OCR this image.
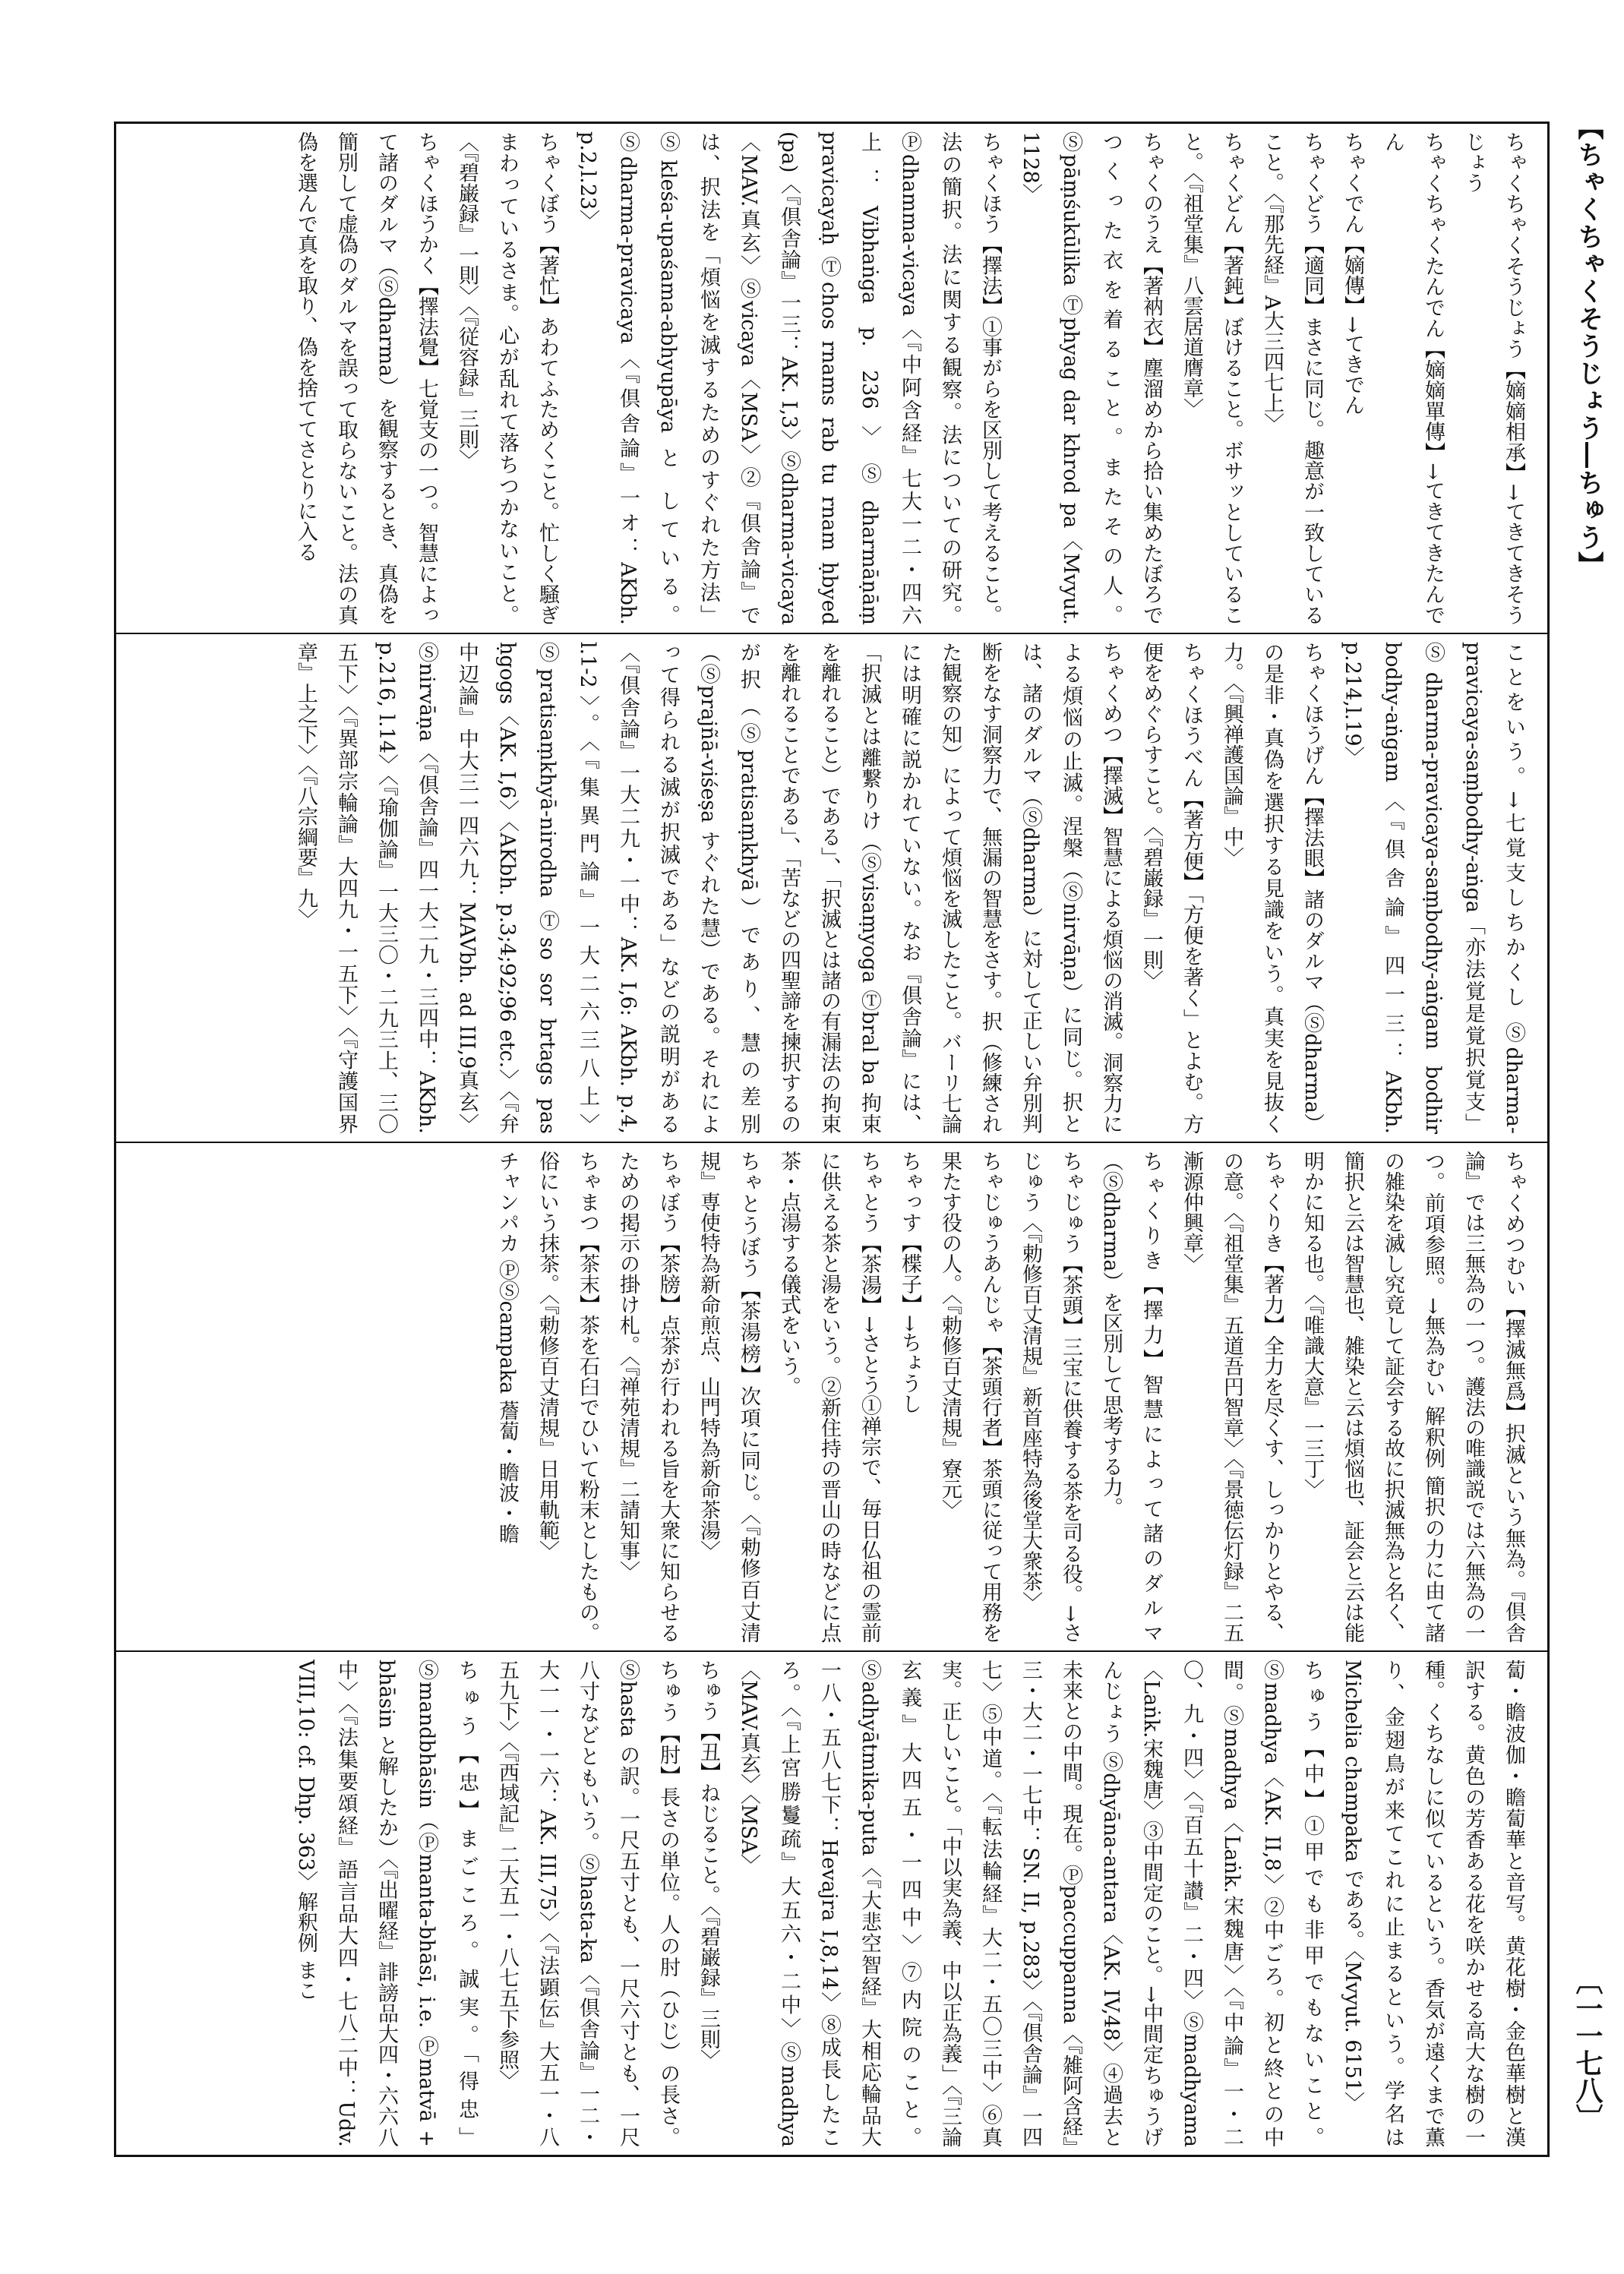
【ちゃくちゃくそうじょう―ちゅう】
〔一一七八〕

ちゃくちゃくそうじょう【嫡嫡相承】→てきてきそうじょう

ちゃくちゃくたんでん【嫡嫡單傳】→てきてきたんでん

ちゃくでん【嫡傳】→てきでん

ちゃくどう【適同】まさに同じ。趣意が一致していること。〈『那先経』A大三四七上〉

ちゃくどん【著鈍】ぼけること。ボサッとしていること。〈『祖堂集』八雲居道膺章〉

ちゃくのうえ【著衲衣】塵溜めから拾い集めたぼろでつくった衣を着ること。またその人。Ⓢpāṃśukūlika Ⓣphyag dar khrod pa〈Mvyut. 1128〉

ちゃくほう【擇法】①事がらを区別して考えること。法の簡択。法に関する観察。法についての研究。Ⓟdhamma-vicaya〈『中阿含経』七大一二・四六上：Vibhaṅga p. 236〉Ⓢdharmāṇāṃ pravicayaḥ Ⓣchos rnams rab tu rnam ḥbyed (pa)〈『倶舎論』一三：AK. I,3〉Ⓢdharma-vicaya〈MAV.真玄〉Ⓢvicaya〈MSA〉②『倶舎論』では、択法を「煩悩を滅するためのすぐれた方法」Ⓢkleśa-upaśama-abhyupāya と している。Ⓢdharma-pravicaya〈『倶舎論』一オ：AKbh. p.2,l.23〉

ちゃくぼう【著忙】あわてふためくこと。忙しく騒ぎまわっているさま。心が乱れて落ちつかないこと。〈『碧巌録』一則〉〈『従容録』三則〉

ちゃくほうかく【擇法覺】七覚支の一つ。智慧によって諸のダルマ（Ⓢdharma）を観察するとき、真偽を簡別して虚偽のダルマを誤って取らないこと。法の真偽を選んで真を取り、偽を捨ててさとりに入る

ことをいう。→七覚支しちかくし Ⓢdharma-pravicaya-saṃbodhy-aṅga「亦法覚是覚択覚支」Ⓢdharma-pravicaya-saṃbodhy-aṅgam bodhir bodhy-aṅgam〈『倶舎論』四一三：AKbh. p.214,l.19〉

ちゃくほうげん【擇法眼】諸のダルマ（Ⓢdharma）の是非・真偽を選択する見識をいう。真実を見抜く力。〈『興禅護国論』中〉

ちゃくほうべん【著方便】「方便を著く」とよむ。方便をめぐらすこと。〈『碧巌録』一則〉

ちゃくめつ【擇滅】智慧による煩悩の消滅。洞察力による煩悩の止滅。涅槃（Ⓢnirvāṇa）に同じ。択とは、諸のダルマ（Ⓢdharma）に対して正しい弁別判断をなす洞察力で、無漏の智慧をさす。択（修練された観察の知）によって煩悩を滅したこと。バーリ七論には明確に説かれていない。なお『倶舎論』には、「択滅とは離繋りけ（Ⓢvisaṃyoga Ⓣbral ba 拘束を離れること）である」、「択滅とは諸の有漏法の拘束を離れることである」、「苦などの四聖諦を揀択するのが択（Ⓢpratisaṃkhyā）であり、慧の差別（Ⓢprajñā-viśeṣa すぐれた慧）である。それによって得られる滅が択滅である」などの説明がある〈『倶舎論』一大二九・一中：AK. I,6: AKbh. p.4, l.1-2〉。〈『集異門論』一大二六三八上〉Ⓢpratisaṃkhyā-nirodha Ⓣso sor brtags pas ḥgogs〈AK. I,6〉〈AKbh. p.3;4;92;96 etc.〉〈『弁中辺論』中大三一四六九：MAVbh. ad III,9真玄〉Ⓢnirvāṇa〈『倶舎論』四一大二九・三四中：AKbh. p.216, l.14〉〈『瑜伽論』一大三〇・二九三上、三〇五下〉〈『異部宗輪論』大四九・一五下〉〈『守護国界章』上之下〉〈『八宗綱要』九〉

ちゃくめつむい【擇滅無爲】択滅という無為。『倶舎論』では三無為の一つ。護法の唯識説では六無為の一つ。前項参照。→無為むい 解釈例 簡択の力に由て諸の雑染を滅し究竟して証会する故に択滅無為と名く、簡択と云は智慧也、雑染と云は煩悩也、証会と云は能明かに知る也。〈『唯識大意』一三丁〉

ちゃくりき【著力】全力を尽くす、しっかりとやる、の意。〈『祖堂集』五道吾円智章〉〈『景徳伝灯録』二五漸源仲興章〉

ちゃくりき【擇力】智慧によって諸のダルマ（Ⓢdharma）を区別して思考する力。

ちゃじゅう【茶頭】三宝に供養する茶を司る役。→さじゅう〈『勅修百丈清規』新首座特為後堂大衆茶〉

ちゃじゅうあんじゃ【茶頭行者】茶頭に従って用務を果たす役の人。〈『勅修百丈清規』寮元〉

ちゃっす【楪子】→ちょうし

ちゃとう【茶湯】→さとう①禅宗で、毎日仏祖の霊前に供える茶と湯をいう。②新住持の晋山の時などに点茶・点湯する儀式をいう。

ちゃとうぼう【茶湯榜】次項に同じ。〈『勅修百丈清規』専使特為新命煎点、山門特為新命茶湯〉

ちゃぼう【茶牓】点茶が行われる旨を大衆に知らせるための掲示の掛け札。〈『禅苑清規』二請知事〉

ちゃまつ【茶末】茶を石臼でひいて粉末としたもの。俗にいう抹茶。〈『勅修百丈清規』日用軌範〉

チャンパカ ⓅⓈcampaka 薝蔔・瞻波・瞻

蔔・瞻波伽・瞻蔔華と音写。黄花樹・金色華樹と漢訳する。黄色の芳香ある花を咲かせる高大な樹の一種。くちなしに似ているという。香気が遠くまで薫り、金翅鳥が来てこれに止まるという。学名はMichelia champaka である。〈Mvyut. 6151〉

ちゅう【中】①甲でも非甲でもないこと。Ⓢmadhya〈AK. II,8〉②中ごろ。初と終との中間。Ⓢmadhya〈Laṅk.宋魏唐〉〈『中論』一・二〇、九・四〉〈『百五十讃』二・四〉Ⓢmadhyama〈Laṅk.宋魏唐〉③中間定のこと。→中間定ちゅうげんじょう Ⓢdhyāna-antara〈AK. IV,48〉④過去と未来との中間。現在。Ⓟpaccuppanna〈『雑阿含経』三・大二・一七中：SN. II, p.283〉〈『倶舎論』一四七〉⑤中道。〈『転法輪経』大二・五〇三中〉⑥真実。正しいこと。「中以実為義、中以正為義」〈『三論玄義』大四五・一四中〉⑦内院のこと。Ⓢadhyātmika-puta〈『大悲空智経』大相応輪品大一八・五八七下：Hevajra I,8,14〉⑧成長したころ。〈『上宮勝鬘疏』大五六・二中〉Ⓢmadhya〈MAV.真玄〉〈MSA〉

ちゅう【丑】ねじること。〈『碧巌録』三則〉

ちゅう【肘】長さの単位。人の肘（ひじ）の長さ。Ⓢhasta の訳。一尺五寸とも、一尺六寸とも、一尺八寸などともいう。Ⓢhasta-ka〈『倶舎論』一二・大一一・一六：AK. III,75〉〈『法顕伝』大五一・八五九下〉〈『西域記』二大五一・八七五下参照〉

ちゅう【忠】まごころ。誠実。「得忠」Ⓢmandbhāsin（Ⓟmanta-bhāsī, i.e. Ⓟmatvā + bhāsin と解したか）〈『出曜経』誹謗品大四・六六八中〉〈『法集要頌経』語言品大四・七八二中：Udv. VIII,10: cf. Dhp. 363〉解釈例 まこ
